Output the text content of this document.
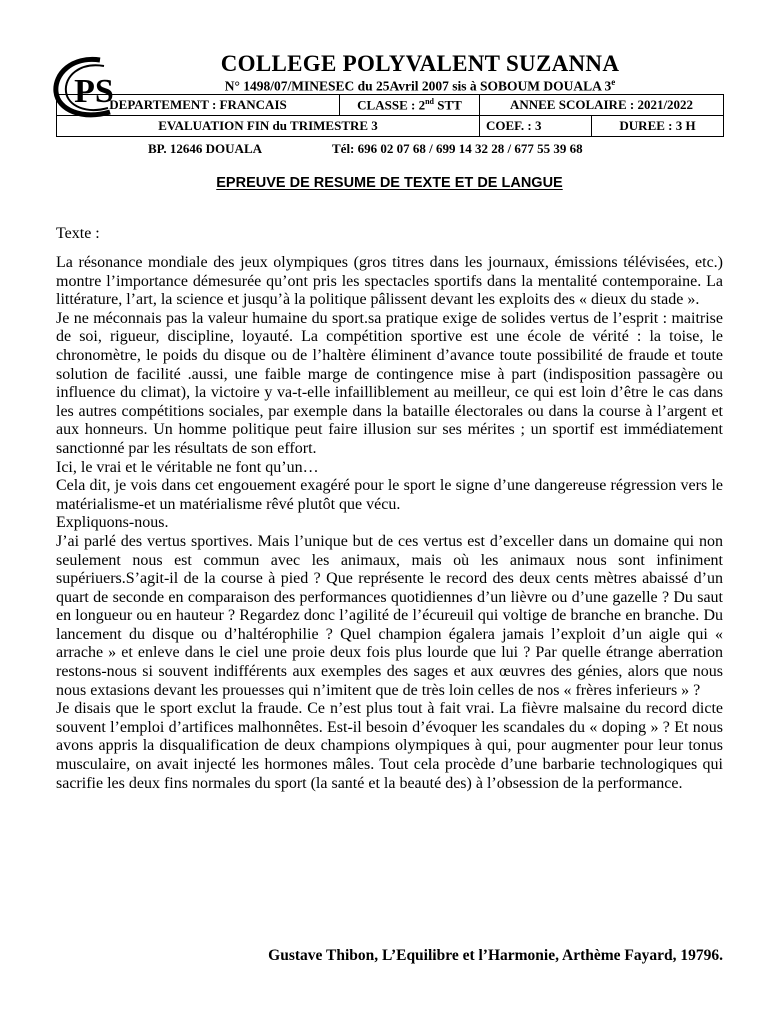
PS
COLLEGE POLYVALENT SUZANNA
N° 1498/07/MINESEC du 25Avril 2007 sis à SOBOUM DOUALA 3e
DEPARTEMENT : FRANCAIS	CLASSE : 2nd STT	ANNEE SCOLAIRE : 2021/2022	
EVALUATION FIN du TRIMESTRE 3		COEF. : 3	DUREE : 3 H
BP. 12646 DOUALA	Tél: 696 02 07 68 / 699 14 32 28 / 677 55 39 68
EPREUVE DE RESUME DE TEXTE ET DE LANGUE
Texte :

La résonance mondiale des jeux olympiques (gros titres dans les journaux, émissions télévisées, etc.) montre l’importance démesurée qu’ont pris les spectacles sportifs dans la mentalité contemporaine. La littérature, l’art, la science et jusqu’à la politique pâlissent devant les exploits des « dieux du stade ».

Je ne méconnais pas la valeur humaine du sport.sa pratique exige de solides vertus de l’esprit : maitrise de soi, rigueur, discipline, loyauté. La compétition sportive est une école de vérité : la toise, le chronomètre, le poids du disque ou de l’haltère éliminent d’avance toute possibilité de fraude et toute solution de facilité .aussi, une faible marge de contingence mise à part (indisposition passagère ou influence du climat), la victoire y va-t-elle infailliblement au meilleur, ce qui est loin d’être le cas dans les autres compétitions sociales, par exemple dans la bataille électorales ou dans la course à l’argent et aux honneurs. Un homme politique peut faire illusion sur ses mérites ; un sportif est immédiatement sanctionné par les résultats de son effort.

Ici, le vrai et le véritable ne font qu’un…

Cela dit, je vois dans cet engouement exagéré pour le sport le signe d’une dangereuse régression vers le matérialisme-et un matérialisme rêvé plutôt que vécu.

Expliquons-nous.

J’ai parlé des vertus sportives. Mais l’unique but de ces vertus est d’exceller dans un domaine qui non seulement nous est commun avec les animaux, mais où les animaux nous sont infiniment supériuers.S’agit-il de la course à pied ? Que représente le record des deux cents mètres abaissé d’un quart de seconde en comparaison des performances quotidiennes d’un lièvre ou d’une gazelle ? Du saut en longueur ou en hauteur ? Regardez donc l’agilité de l’écureuil qui voltige de branche en branche. Du lancement du disque ou d’haltérophilie ? Quel champion égalera jamais l’exploit d’un aigle qui « arrache » et enleve dans le ciel une proie deux fois plus lourde que lui ? Par quelle étrange aberration restons-nous si souvent indifférents aux exemples des sages et aux œuvres des génies, alors que nous nous extasions devant les prouesses qui n’imitent que de très loin celles de nos « frères inferieurs » ?

Je disais que le sport exclut la fraude. Ce n’est plus tout à fait vrai. La fièvre malsaine du record dicte souvent l’emploi d’artifices malhonnêtes. Est-il besoin d’évoquer les scandales du « doping » ? Et nous avons appris la disqualification de deux champions olympiques à qui, pour augmenter pour leur tonus musculaire, on avait injecté les hormones mâles. Tout cela procède d’une barbarie technologiques qui sacrifie les deux fins normales du sport (la santé et la beauté des) à l’obsession de la performance.

Gustave Thibon, L’Equilibre et l’Harmonie, Arthème Fayard, 19796.
